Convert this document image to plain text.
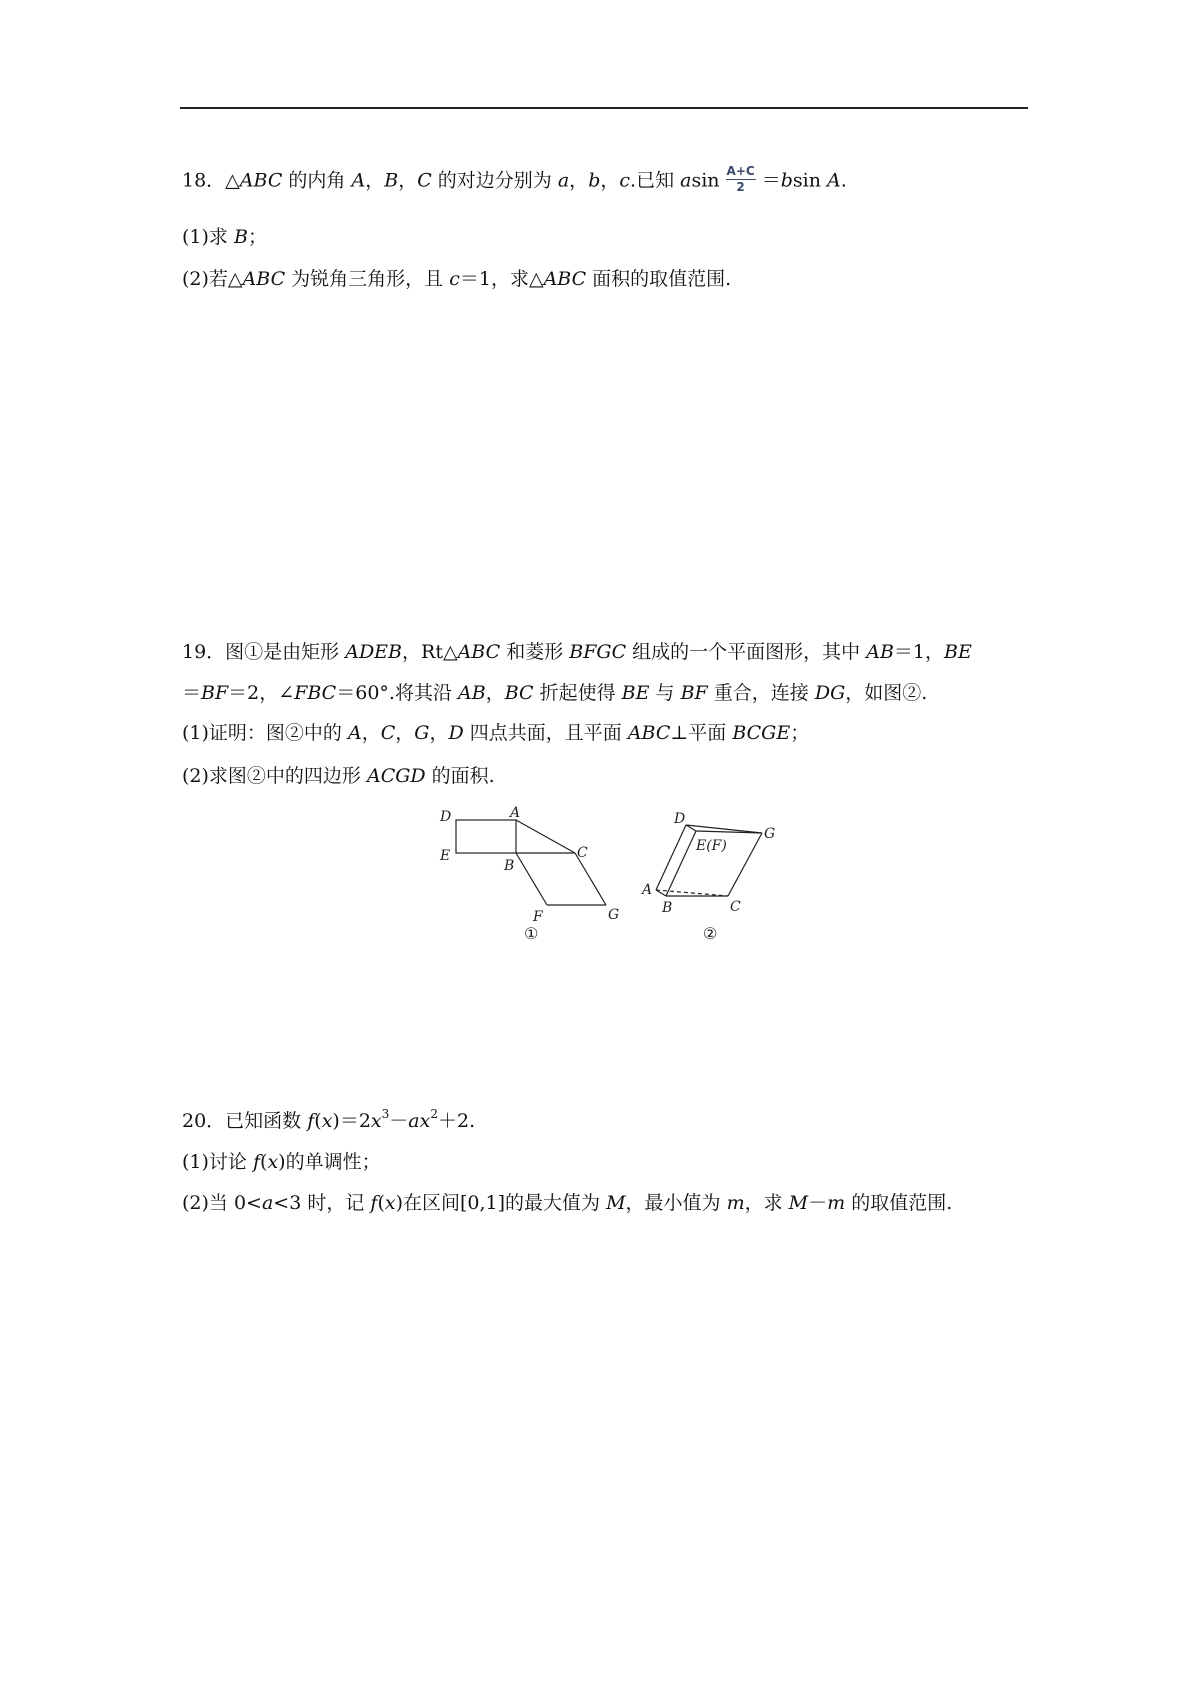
18．△ABC 的内角 A，B，C 的对边分别为 a，b，c.已知 asin $\frac{A+C}{2} =bsin$ A.
(1)求 B；
(2)若△ABC 为锐角三角形，且 c＝1，求△ABC 面积的取值范围.
19．图①是由矩形 ADEB，Rt△ABC 和菱形 BFGC 组成的一个平面图形，其中 AB＝1，BE
＝BF＝2，∠FBC＝60°.将其沿 AB，BC 折起使得 BE 与 BF 重合，连接 DG，如图②.
(1)证明：图②中的 A，C，G，D 四点共面，且平面 ABC⊥平面 BCGE；
(2)求图②中的四边形 ACGD 的面积.
D	A
E
B
C
F	G
①
D
E(F)
G
A
B	C
②
20．已知函数 $f(x)=2x^3-ax^2+2$.
(1)讨论 f(x)的单调性；
(2)当 0<a<3 时，记 f(x)在区间[0,1]的最大值为 M，最小值为 m，求 M－m 的取值范围.
